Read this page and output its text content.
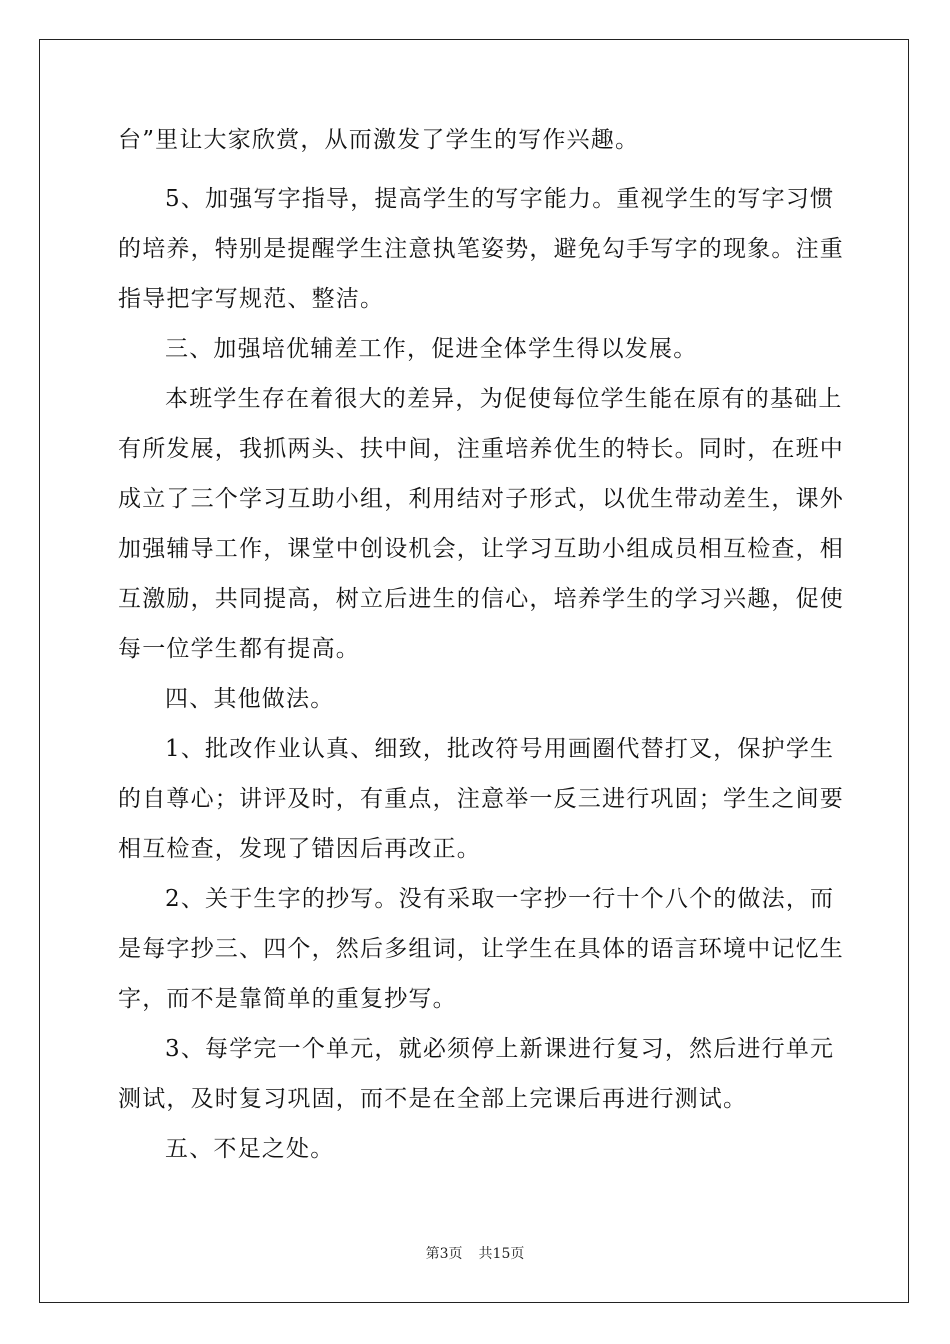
台”里让大家欣赏，从而激发了学生的写作兴趣。
5、加强写字指导，提高学生的写字能力。重视学生的写字习惯
的培养，特别是提醒学生注意执笔姿势，避免勾手写字的现象。注重
指导把字写规范、整洁。
三、加强培优辅差工作，促进全体学生得以发展。
本班学生存在着很大的差异，为促使每位学生能在原有的基础上
有所发展，我抓两头、扶中间，注重培养优生的特长。同时，在班中
成立了三个学习互助小组，利用结对子形式，以优生带动差生，课外
加强辅导工作，课堂中创设机会，让学习互助小组成员相互检查，相
互激励，共同提高，树立后进生的信心，培养学生的学习兴趣，促使
每一位学生都有提高。
四、其他做法。
1、批改作业认真、细致，批改符号用画圈代替打叉，保护学生
的自尊心；讲评及时，有重点，注意举一反三进行巩固；学生之间要
相互检查，发现了错因后再改正。
2、关于生字的抄写。没有采取一字抄一行十个八个的做法，而
是每字抄三、四个，然后多组词，让学生在具体的语言环境中记忆生
字，而不是靠简单的重复抄写。
3、每学完一个单元，就必须停上新课进行复习，然后进行单元
测试，及时复习巩固，而不是在全部上完课后再进行测试。
五、不足之处。
第3页 共15页
